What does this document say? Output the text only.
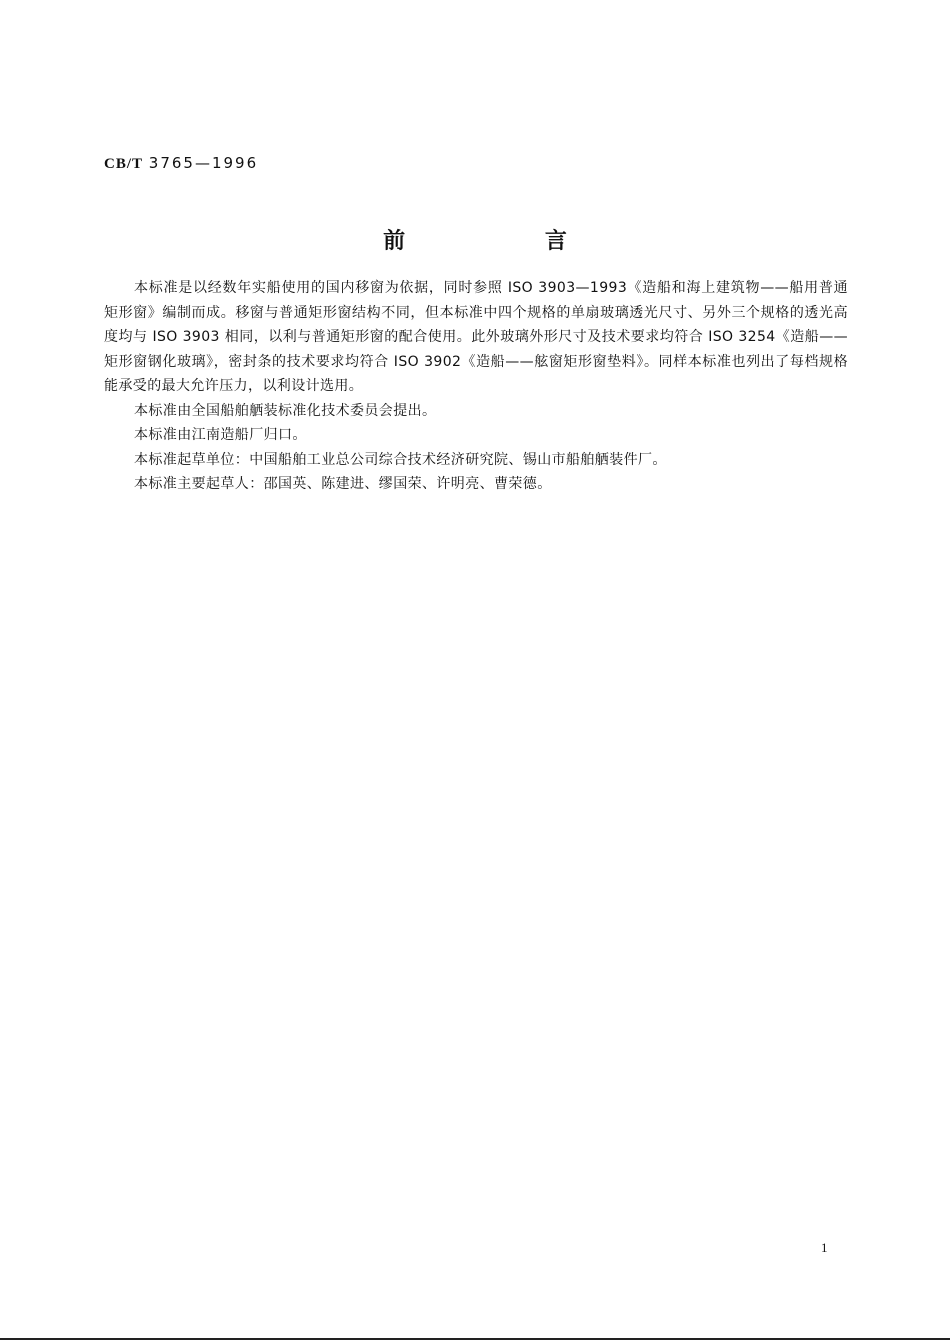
CB/T 3765—1996
前 言

本标准是以经数年实船使用的国内移窗为依据，同时参照 ISO 3903—1993《造船和海上建筑物——船用普通矩形窗》编制而成。移窗与普通矩形窗结构不同，但本标准中四个规格的单扇玻璃透光尺寸、另外三个规格的透光高度均与 ISO 3903 相同，以利与普通矩形窗的配合使用。此外玻璃外形尺寸及技术要求均符合 ISO 3254《造船——矩形窗钢化玻璃》，密封条的技术要求均符合 ISO 3902《造船——舷窗矩形窗垫料》。同样本标准也列出了每档规格能承受的最大允许压力，以利设计选用。

本标准由全国船舶舾装标准化技术委员会提出。

本标准由江南造船厂归口。

本标准起草单位：中国船舶工业总公司综合技术经济研究院、锡山市船舶舾装件厂。

本标准主要起草人：邵国英、陈建进、缪国荣、许明亮、曹荣德。

1
